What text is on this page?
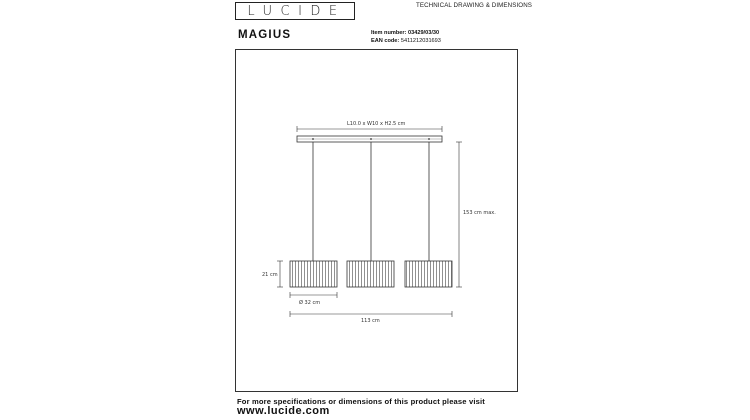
LUCIDE	TECHNICAL DRAWING & DIMENSIONS
MAGIUS	Item number: 03429/03/30
EAN code: 5411212031693
L10.0 x W10 x H2.5 cm
153 cm max.
21 cm
Ø 32 cm
113 cm
For more specifications or dimensions of this product please visit
www.lucide.com
